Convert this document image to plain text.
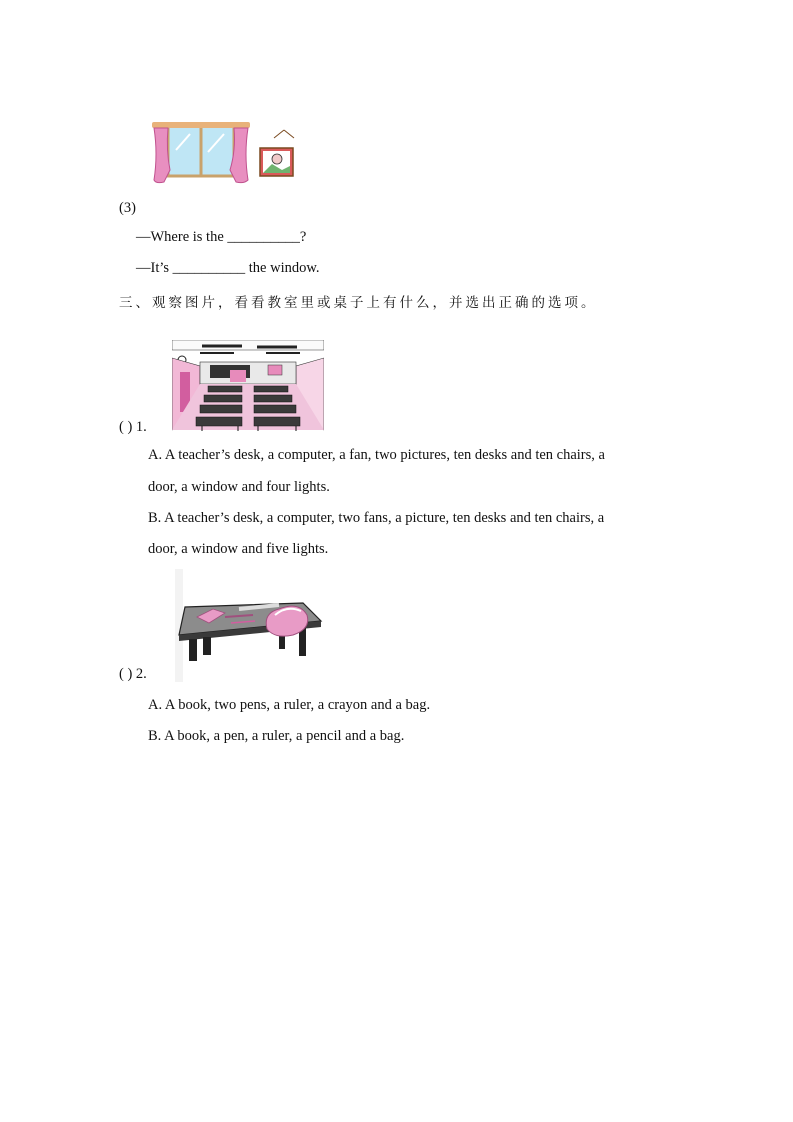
(3)
—Where is the __________?
—It’s __________ the window.
三、观察图片，看看教室里或桌子上有什么，并选出正确的选项。
( ) 1.
A. A teacher’s desk, a computer, a fan, two pictures, ten desks and ten chairs, a
door, a window and four lights.
B. A teacher’s desk, a computer, two fans, a picture, ten desks and ten chairs, a
door, a window and five lights.
( ) 2.
A. A book, two pens, a ruler, a crayon and a bag.
B. A book, a pen, a ruler, a pencil and a bag.
